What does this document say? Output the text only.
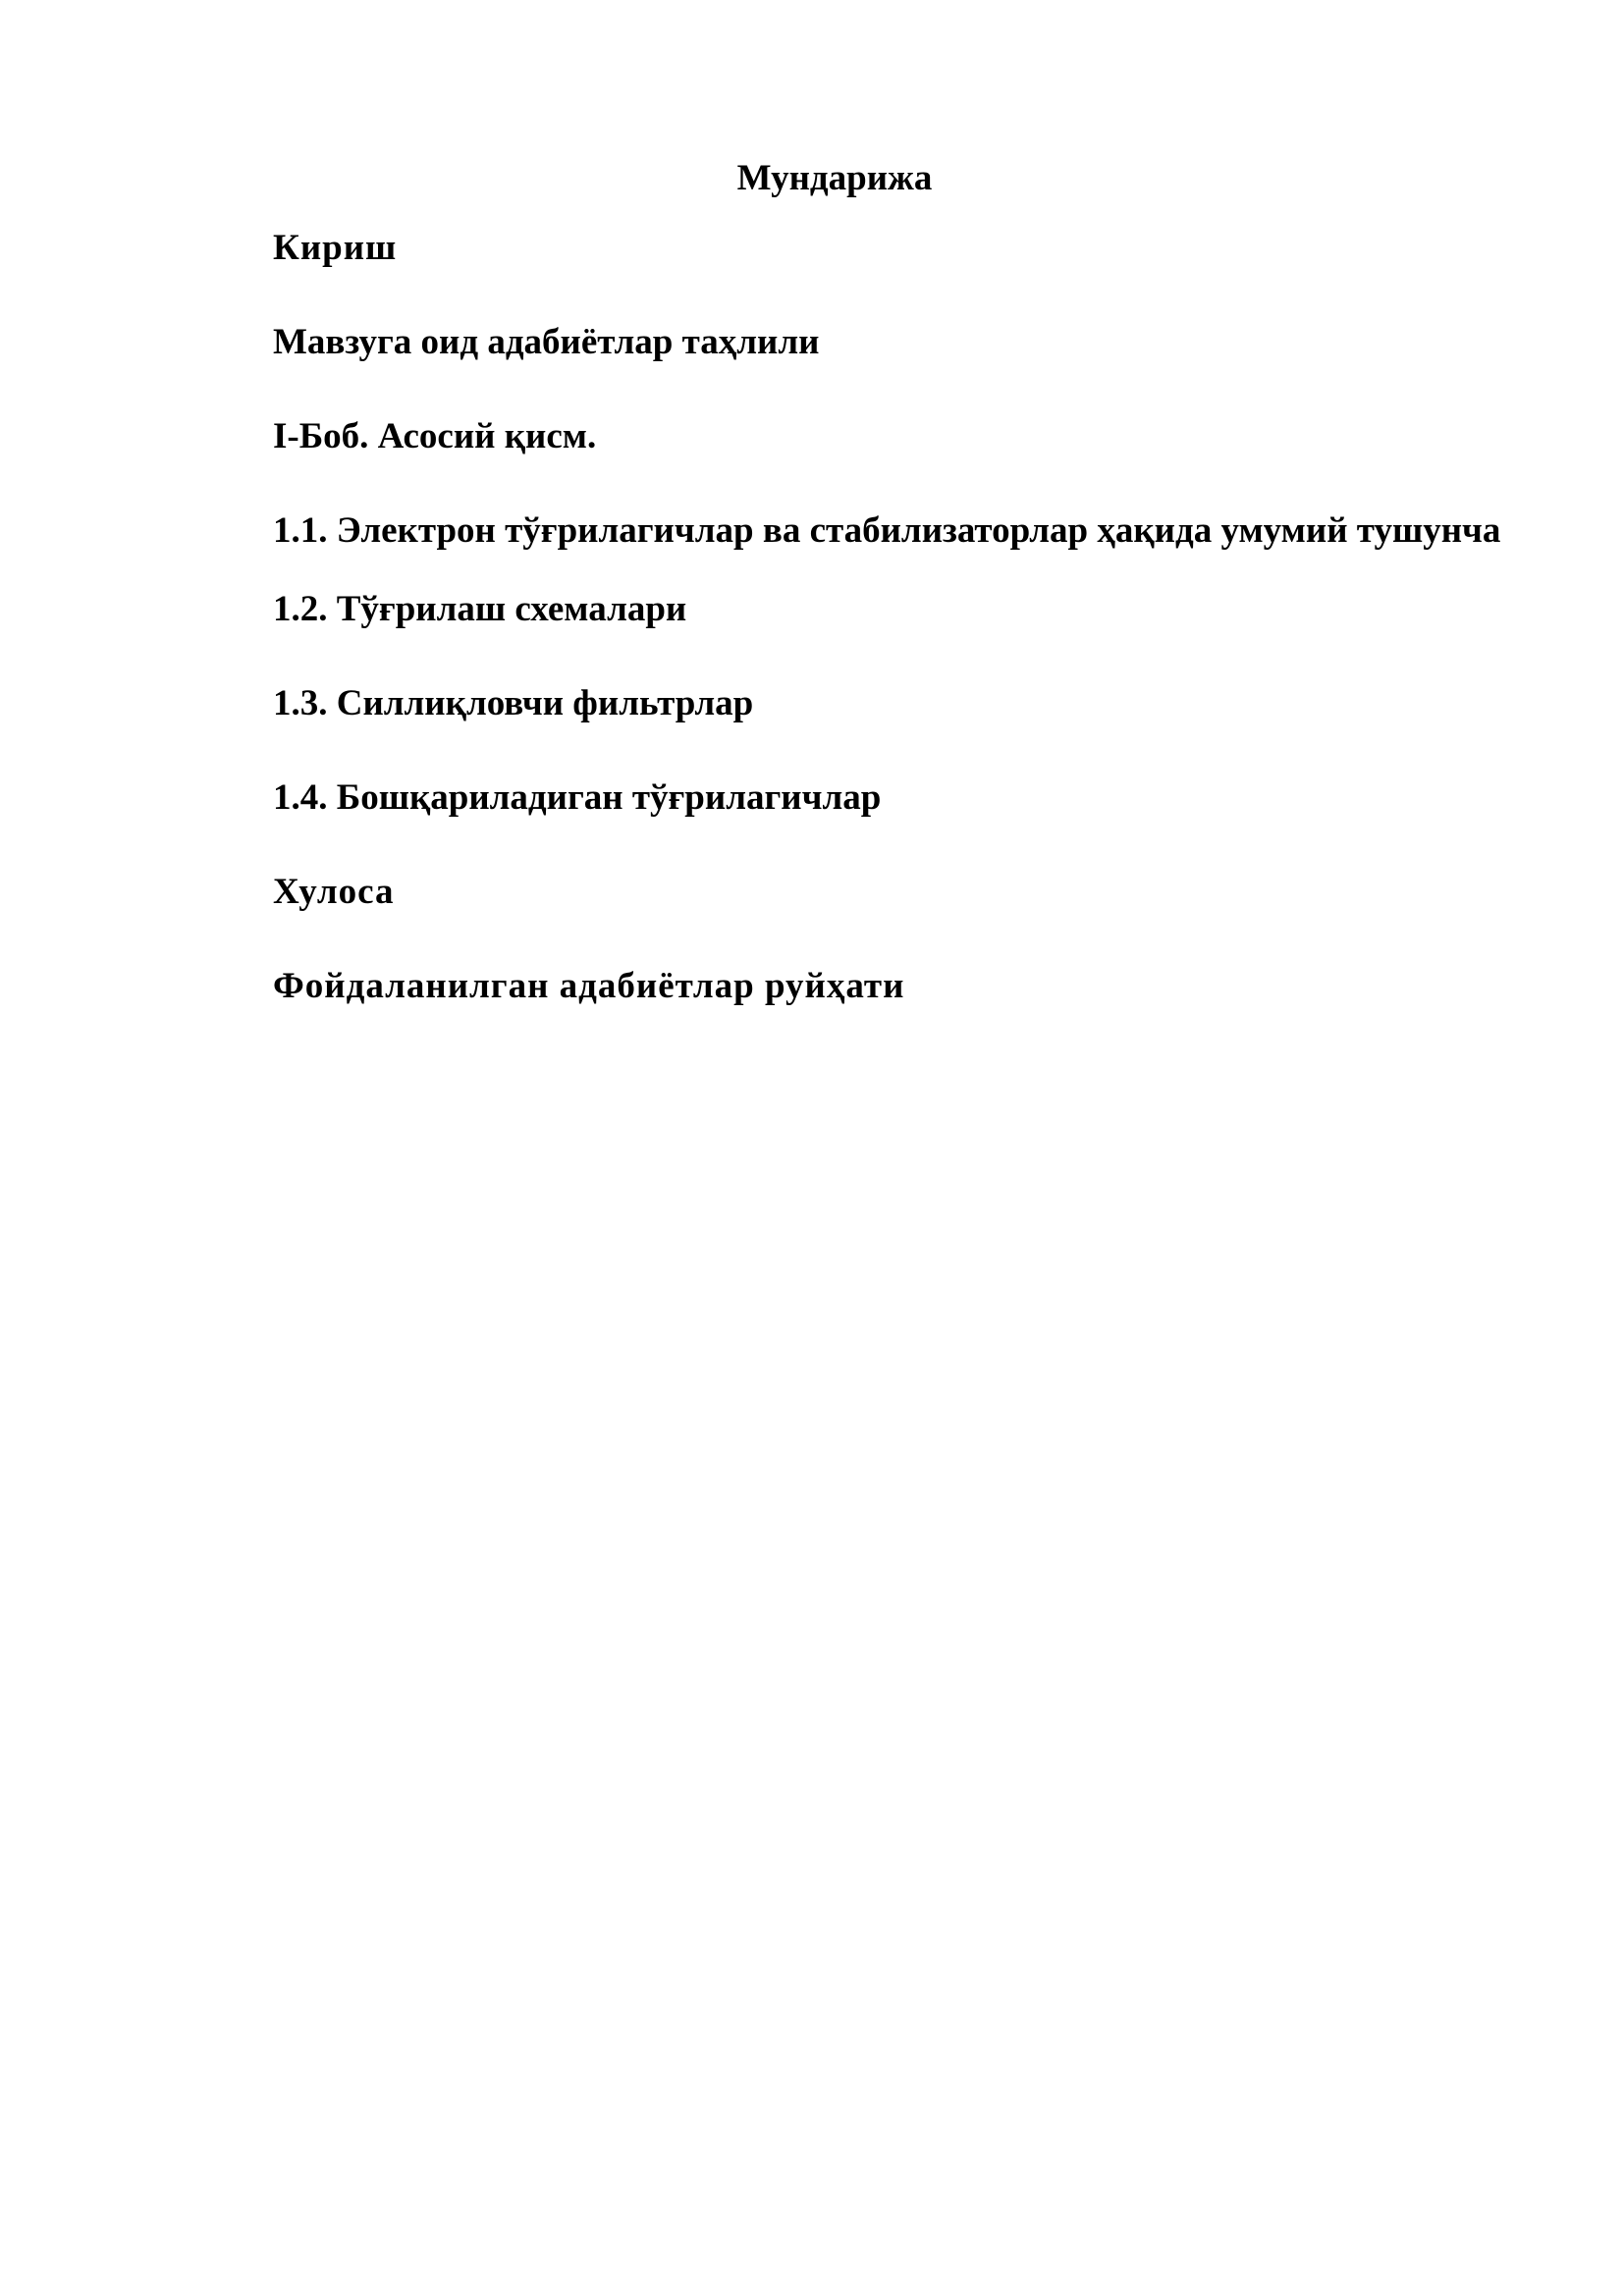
Мундарижа
Кириш
Мавзуга оид адабиётлар таҳлили
I-Боб. Асосий қисм.
1.1. Электрон тўғрилагичлар ва стабилизаторлар ҳақида умумий тушунча
1.2. Тўғрилаш схемалари
1.3. Силлиқловчи фильтрлар
1.4. Бошқариладиган тўғрилагичлар
Хулоса
Фойдаланилган адабиётлар руйҳати
